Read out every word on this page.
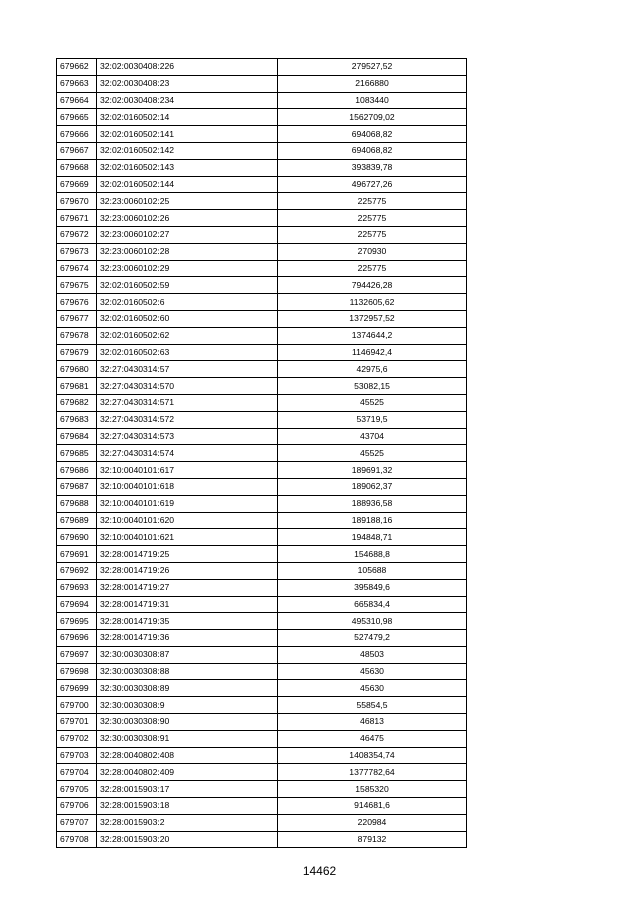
679662	32:02:0030408:226	279527,52
679663	32:02:0030408:23	2166880
679664	32:02:0030408:234	1083440
679665	32:02:0160502:14	1562709,02
679666	32:02:0160502:141	694068,82
679667	32:02:0160502:142	694068,82
679668	32:02:0160502:143	393839,78
679669	32:02:0160502:144	496727,26
679670	32:23:0060102:25	225775
679671	32:23:0060102:26	225775
679672	32:23:0060102:27	225775
679673	32:23:0060102:28	270930
679674	32:23:0060102:29	225775
679675	32:02:0160502:59	794426,28
679676	32:02:0160502:6	1132605,62
679677	32:02:0160502:60	1372957,52
679678	32:02:0160502:62	1374644,2
679679	32:02:0160502:63	1146942,4
679680	32:27:0430314:57	42975,6
679681	32:27:0430314:570	53082,15
679682	32:27:0430314:571	45525
679683	32:27:0430314:572	53719,5
679684	32:27:0430314:573	43704
679685	32:27:0430314:574	45525
679686	32:10:0040101:617	189691,32
679687	32:10:0040101:618	189062,37
679688	32:10:0040101:619	188936,58
679689	32:10:0040101:620	189188,16
679690	32:10:0040101:621	194848,71
679691	32:28:0014719:25	154688,8
679692	32:28:0014719:26	105688
679693	32:28:0014719:27	395849,6
679694	32:28:0014719:31	665834,4
679695	32:28:0014719:35	495310,98
679696	32:28:0014719:36	527479,2
679697	32:30:0030308:87	48503
679698	32:30:0030308:88	45630
679699	32:30:0030308:89	45630
679700	32:30:0030308:9	55854,5
679701	32:30:0030308:90	46813
679702	32:30:0030308:91	46475
679703	32:28:0040802:408	1408354,74
679704	32:28:0040802:409	1377782,64
679705	32:28:0015903:17	1585320
679706	32:28:0015903:18	914681,6
679707	32:28:0015903:2	220984
679708	32:28:0015903:20	879132
14462
